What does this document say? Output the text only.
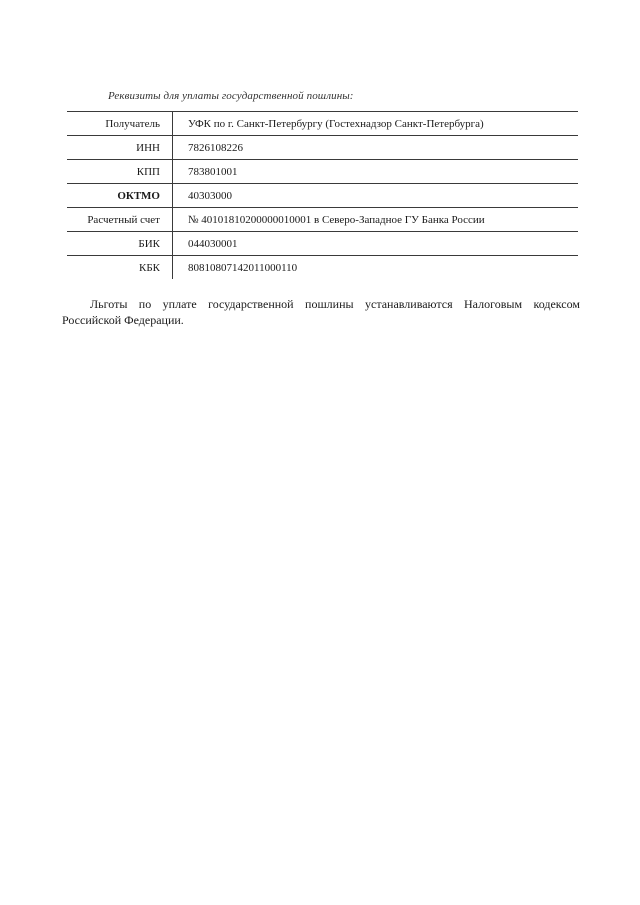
Реквизиты для уплаты государственной пошлины:
Получатель	УФК по г. Санкт-Петербургу (Гостехнадзор Санкт-Петербурга)
ИНН	7826108226
КПП	783801001
ОКТМО	40303000
Расчетный счет	№ 40101810200000010001 в Северо-Западное ГУ Банка России
БИК	044030001
КБК	80810807142011000110

Льготы по уплате государственной пошлины устанавливаются Налоговым кодексом Российской Федерации.
